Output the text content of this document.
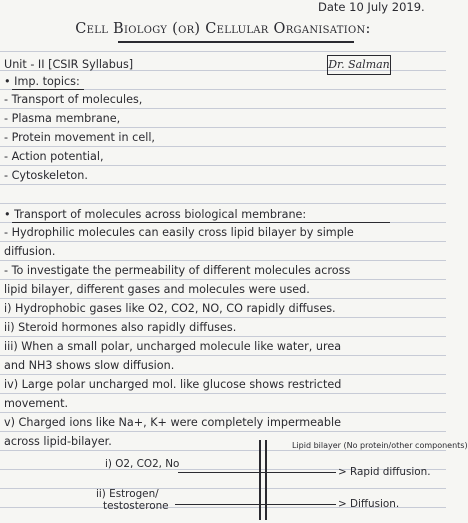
Date 10 July 2019.
Cell Biology (or) Cellular Organisation:
Unit - II [CSIR Syllabus]	Dr. Salman
• Imp. topics:
- Transport of molecules,
- Plasma membrane,
- Protein movement in cell,
- Action potential,
- Cytoskeleton.
• Transport of molecules across biological membrane:
- Hydrophilic molecules can easily cross lipid bilayer by simple
diffusion.
- To investigate the permeability of different molecules across
lipid bilayer, different gases and molecules were used.
i) Hydrophobic gases like O2, CO2, NO, CO rapidly diffuses.
ii) Steroid hormones also rapidly diffuses.
iii) When a small polar, uncharged molecule like water, urea
and NH3 shows slow diffusion.
iv) Large polar uncharged mol. like glucose shows restricted
movement.
v) Charged ions like Na+, K+ were completely impermeable
across lipid-bilayer.	Lipid bilayer (No protein/other components)
i) O2, CO2, No
> Rapid diffusion.
ii) Estrogen/
testosterone	> Diffusion.
